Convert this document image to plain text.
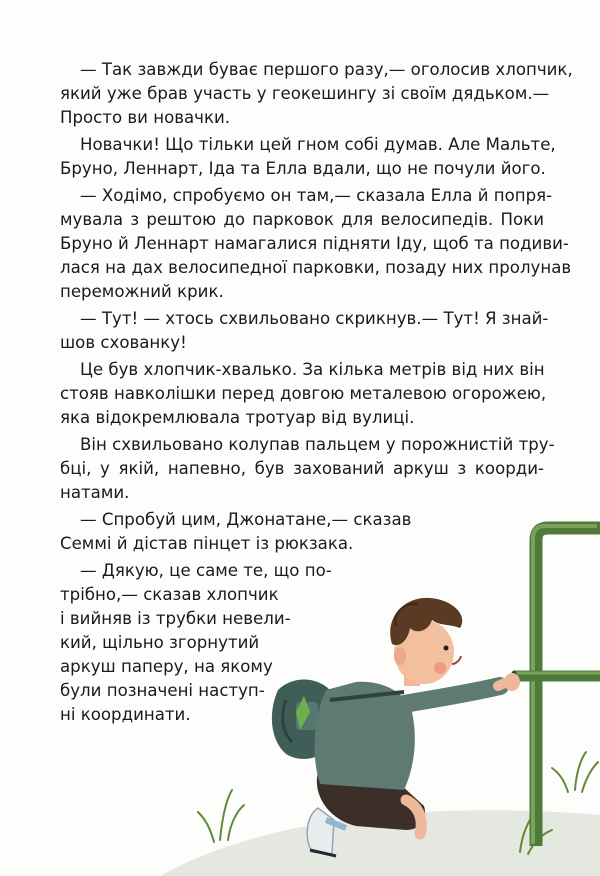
— Так завжди буває першого разу,— оголосив хлопчик,
який уже брав участь у геокешингу зі своїм дядьком.—
Просто ви новачки.
Новачки! Що тільки цей гном собі думав. Але Мальте,
Бруно, Леннарт, Іда та Елла вдали, що не почули його.
— Ходімо, спробуємо он там,— сказала Елла й попря-
мувала з рештою до парковок для велосипедів. Поки
Бруно й Леннарт намагалися підняти Іду, щоб та подиви-
лася на дах велосипедної парковки, позаду них пролунав
переможний крик.
— Тут! — хтось схвильовано скрикнув.— Тут! Я знай-
шов схованку!
Це був хлопчик-хвалько. За кілька метрів від них він
стояв навколішки перед довгою металевою огорожею,
яка відокремлювала тротуар від вулиці.
Він схвильовано колупав пальцем у порожнистій тру-
бці, у якій, напевно, був захований аркуш з коорди-
натами.
— Спробуй цим, Джонатане,— сказав
Семмі й дістав пінцет із рюкзака.
— Дякую, це саме те, що по-
трібно,— сказав хлопчик
і вийняв із трубки невели-
кий, щільно згорнутий
аркуш паперу, на якому
були позначені наступ-
ні координати.
